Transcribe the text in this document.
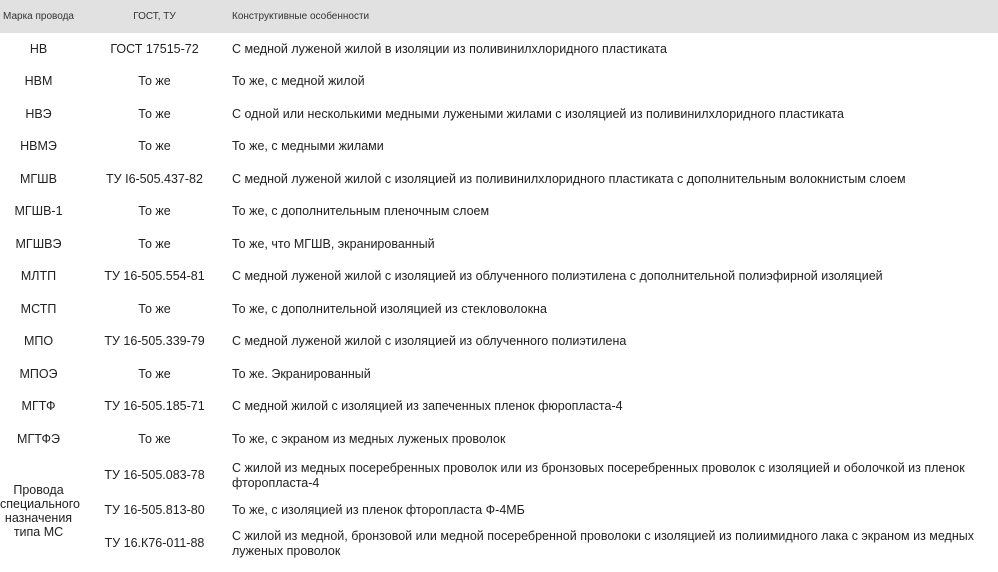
Марка провода	ГОСТ, ТУ	Конструктивные особенности
НВ	ГОСТ 17515-72	С медной луженой жилой в изоляции из поливинилхлоридного пластиката
НВМ	То же	То же, с медной жилой
НВЭ	То же	С одной или несколькими медными лужеными жилами с изоляцией из поливинилхлоридного пластиката
НВМЭ	То же	То же, с медными жилами
МГШВ	ТУ І6-505.437-82	С медной луженой жилой с изоляцией из поливинилхлоридного пластиката с дополнительным волокнистым слоем
МГШВ-1	То же	То же, с дополнительным пленочным слоем
МГШВЭ	То же	То же, что МГШВ, экранированный
МЛТП	ТУ 16-505.554-81	С медной луженой жилой с изоляцией из облученного полиэтилена с дополнительной полиэфирной изоляцией
МСТП	То же	То же, с дополнительной изоляцией из стекловолокна
МПО	ТУ 16-505.339-79	С медной луженой жилой с изоляцией из облученного полиэтилена
МПОЭ	То же	То же. Экранированный
МГТФ	ТУ 16-505.185-71	С медной жилой с изоляцией из запеченных пленок фюропласта-4
МГТФЭ	То же	То же, с экраном из медных луженых проволок
Провода специального назначения типа МС	ТУ 16-505.083-78	С жилой из медных посеребренных проволок или из бронзовых посеребренных проволок с изоляцией и оболочкой из пленок фторопласта-4
	ТУ 16-505.813-80	То же, с изоляцией из пленок фторопласта Ф-4МБ
	ТУ 16.К76-011-88	С жилой из медной, бронзовой или медной посеребренной проволоки с изоляцией из полиимидного лака с экраном из медных луженых проволок
